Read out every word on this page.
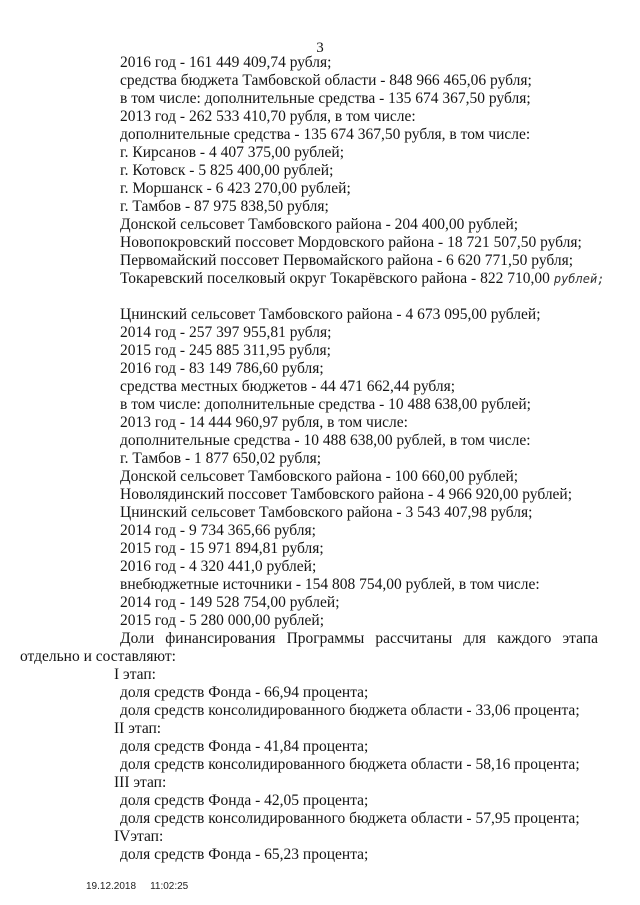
3
2016 год - 161 449 409,74 рубля;
средства бюджета Тамбовской области - 848 966 465,06 рубля;
в том числе: дополнительные средства - 135 674 367,50 рубля;
2013 год - 262 533 410,70 рубля, в том числе:
дополнительные средства - 135 674 367,50 рубля, в том числе:
г. Кирсанов - 4 407 375,00 рублей;
г. Котовск - 5 825 400,00 рублей;
г. Моршанск - 6 423 270,00 рублей;
г. Тамбов - 87 975 838,50 рубля;
Донской сельсовет Тамбовского района - 204 400,00 рублей;
Новопокровский поссовет Мордовского района - 18 721 507,50 рубля;
Первомайский поссовет Первомайского района - 6 620 771,50 рубля;
Токаревский поселковый округ Токарёвского района - 822 710,00 рублей;
Цнинский сельсовет Тамбовского района - 4 673 095,00 рублей;
2014 год - 257 397 955,81 рубля;
2015 год - 245 885 311,95 рубля;
2016 год - 83 149 786,60 рубля;
средства местных бюджетов - 44 471 662,44 рубля;
в том числе: дополнительные средства - 10 488 638,00 рублей;
2013 год - 14 444 960,97 рубля, в том числе:
дополнительные средства - 10 488 638,00 рублей, в том числе:
г. Тамбов - 1 877 650,02 рубля;
Донской сельсовет Тамбовского района - 100 660,00 рублей;
Новолядинский поссовет Тамбовского района - 4 966 920,00 рублей;
Цнинский сельсовет Тамбовского района - 3 543 407,98 рубля;
2014 год - 9 734 365,66 рубля;
2015 год - 15 971 894,81 рубля;
2016 год - 4 320 441,0 рублей;
внебюджетные источники - 154 808 754,00 рублей, в том числе:
2014 год - 149 528 754,00 рублей;
2015 год - 5 280 000,00 рублей;
Доли финансирования Программы рассчитаны для каждого этапа
отдельно и составляют:
I этап:
доля средств Фонда - 66,94 процента;
доля средств консолидированного бюджета области - 33,06 процента;
II этап:
доля средств Фонда - 41,84 процента;
доля средств консолидированного бюджета области - 58,16 процента;
III этап:
доля средств Фонда - 42,05 процента;
доля средств консолидированного бюджета области - 57,95 процента;
IVэтап:
доля средств Фонда - 65,23 процента;
19.12.2018 11:02:25
